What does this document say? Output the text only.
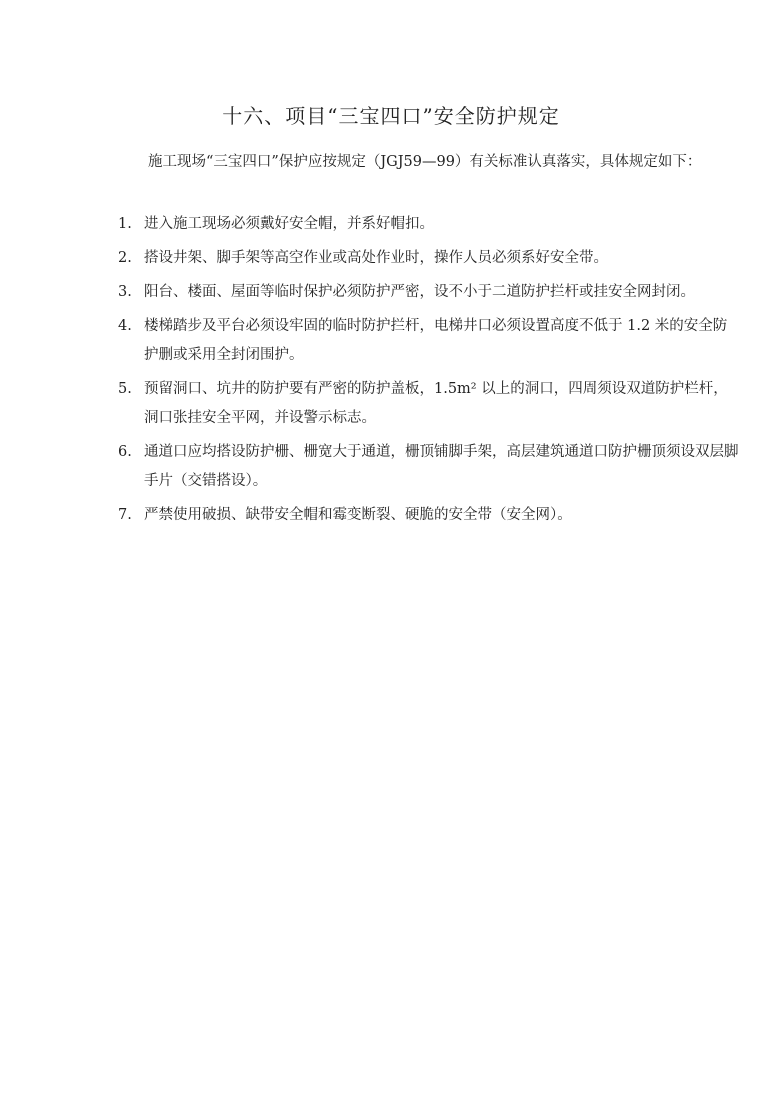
十六、项目“三宝四口”安全防护规定
施工现场“三宝四口”保护应按规定（JGJ59—99）有关标准认真落实，具体规定如下：
1. 进入施工现场必须戴好安全帽，并系好帽扣。
2. 搭设井架、脚手架等高空作业或高处作业时，操作人员必须系好安全带。
3. 阳台、楼面、屋面等临时保护必须防护严密，设不小于二道防护拦杆或挂安全网封闭。
4. 楼梯踏步及平台必须设牢固的临时防护拦杆，电梯井口必须设置高度不低于 1.2 米的安全防护删或采用全封闭围护。
5. 预留洞口、坑井的防护要有严密的防护盖板，1.5m² 以上的洞口，四周须设双道防护栏杆，洞口张挂安全平网，并设警示标志。
6. 通道口应均搭设防护栅、栅宽大于通道，栅顶铺脚手架，高层建筑通道口防护栅顶须设双层脚手片（交错搭设）。
7. 严禁使用破损、缺带安全帽和霉变断裂、硬脆的安全带（安全网）。
